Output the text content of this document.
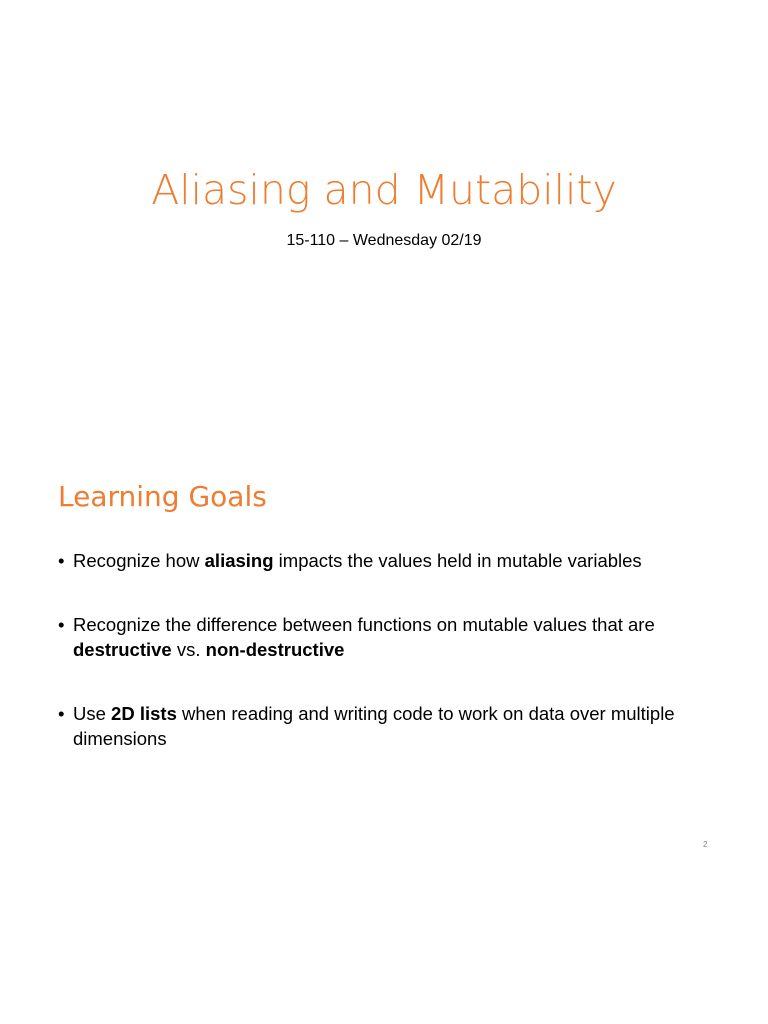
Aliasing and Mutability
15-110 – Wednesday 02/19
Learning Goals
• Recognize how aliasing impacts the values held in mutable variables
• Recognize the difference between functions on mutable values that are destructive vs. non-destructive
• Use 2D lists when reading and writing code to work on data over multiple dimensions
2
